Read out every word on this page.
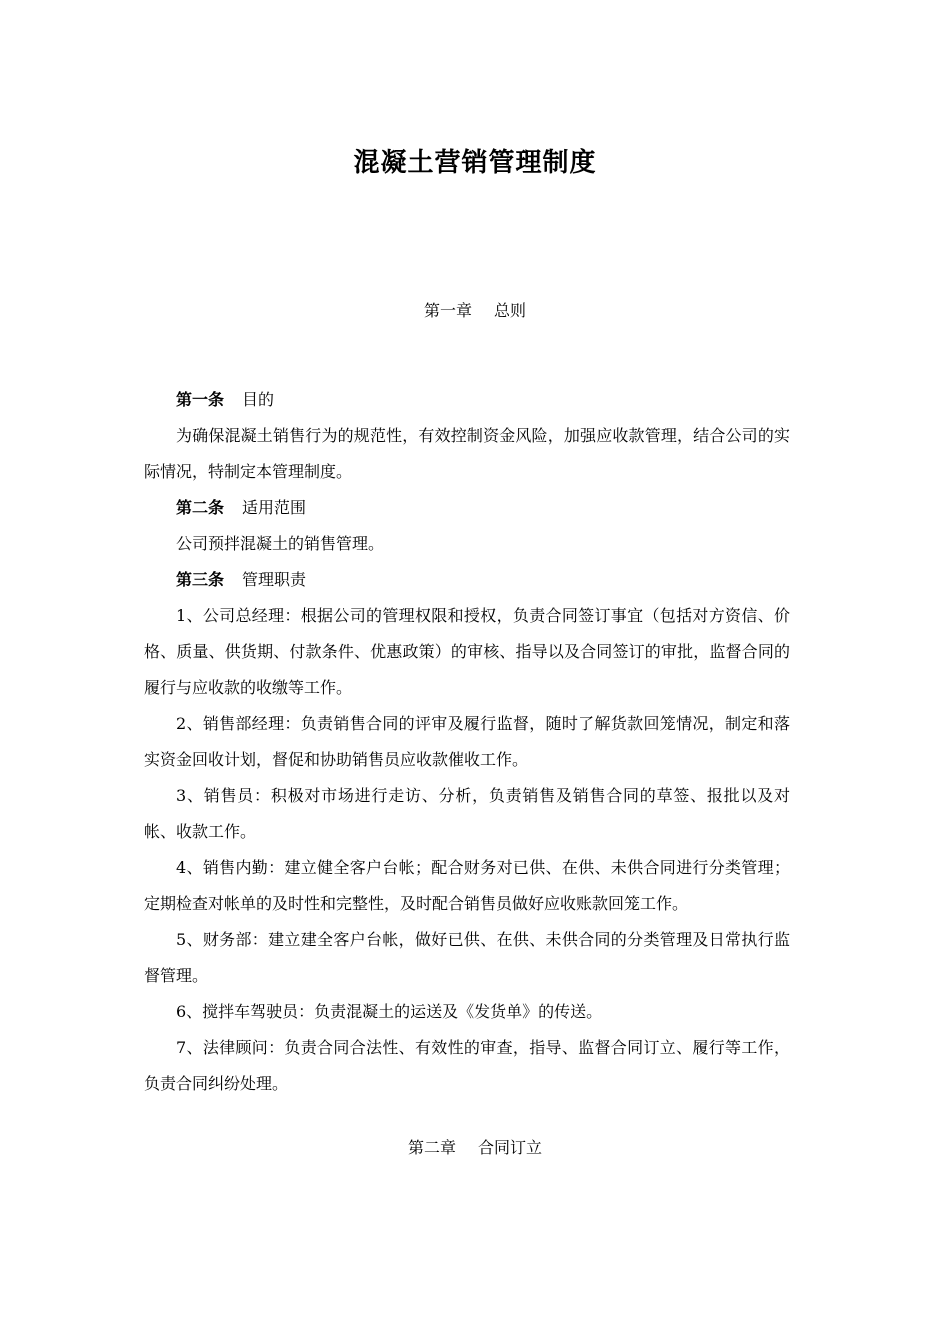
混凝土营销管理制度
第一章 总则

第一条 目的

为确保混凝土销售行为的规范性，有效控制资金风险，加强应收款管理，结合公司的实际情况，特制定本管理制度。

第二条 适用范围

公司预拌混凝土的销售管理。

第三条 管理职责

1、公司总经理：根据公司的管理权限和授权，负责合同签订事宜（包括对方资信、价格、质量、供货期、付款条件、优惠政策）的审核、指导以及合同签订的审批，监督合同的履行与应收款的收缴等工作。

2、销售部经理：负责销售合同的评审及履行监督，随时了解货款回笼情况，制定和落实资金回收计划，督促和协助销售员应收款催收工作。

3、销售员：积极对市场进行走访、分析，负责销售及销售合同的草签、报批以及对帐、收款工作。

4、销售内勤：建立健全客户台帐；配合财务对已供、在供、未供合同进行分类管理；定期检查对帐单的及时性和完整性，及时配合销售员做好应收账款回笼工作。

5、财务部：建立建全客户台帐，做好已供、在供、未供合同的分类管理及日常执行监督管理。

6、搅拌车驾驶员：负责混凝土的运送及《发货单》的传送。

7、法律顾问：负责合同合法性、有效性的审查，指导、监督合同订立、履行等工作，负责合同纠纷处理。

第二章 合同订立
